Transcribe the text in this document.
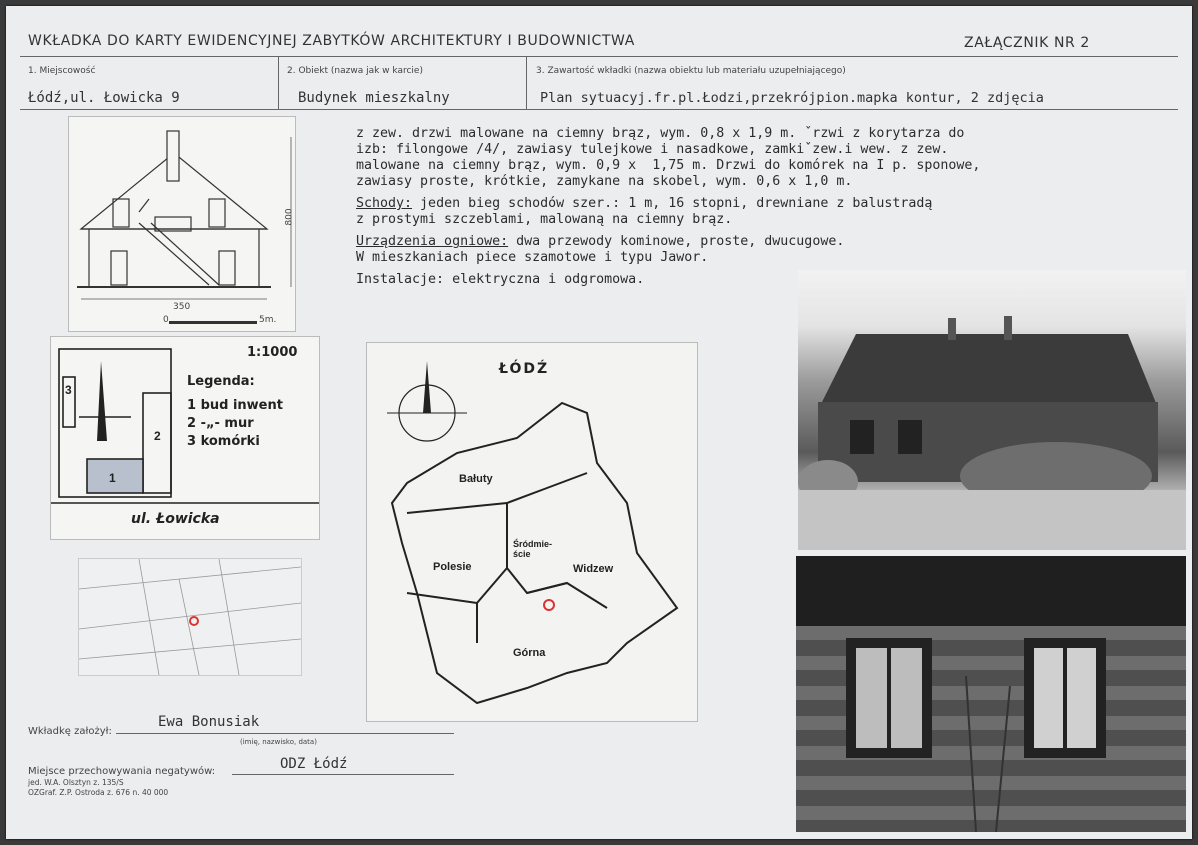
WKŁADKA DO KARTY EWIDENCYJNEJ ZABYTKÓW ARCHITEKTURY I BUDOWNICTWA	ZAŁĄCZNIK NR 2
1. Miejscowość
Łódź,ul. Łowicka 9
2. Obiekt (nazwa jak w karcie)
Budynek mieszkalny
3. Zawartość wkładki (nazwa obiektu lub materiału uzupełniającego)
Plan sytuacyj.fr.pl.Łodzi,przekrójpion.mapka kontur, 2 zdjęcia
z zew. drzwi malowane na ciemny brąz, wym. 0,8 x 1,9 m. ˇrzwi z korytarza do
izb: filongowe /4/, zawiasy tulejkowe i nasadkowe, zamkiˇzew.i wew. z zew.
malowane na ciemny brąz, wym. 0,9 x  1,75 m. Drzwi do komórek na I p. sponowe,
zawiasy proste, krótkie, zamykane na skobel, wym. 0,6 x 1,0 m.
Schody: jeden bieg schodów szer.: 1 m, 16 stopni, drewniane z balustradą
z prostymi szczeblami, malowaną na ciemny brąz.
Urządzenia ogniowe: dwa przewody kominowe, proste, dwucugowe.
W mieszkaniach piece szamotowe i typu Jawor.
Instalacje: elektryczna i odgromowa.
350
800
0	5m.
1:1000
3
2
1
Legenda:
1 bud inwent
2 -„- mur
3 komórki
ul. Łowicka
ŁÓDŹ
Bałuty
Polesie
Śródmie-ście
Widzew
Górna
Wkładkę założył:
Ewa Bonusiak
(imię, nazwisko, data)
Miejsce przechowywania negatywów:	ODZ Łódź
jed. W.A. Olsztyn z. 135/S
OZGraf. Z.P. Ostroda z. 676 n. 40 000
